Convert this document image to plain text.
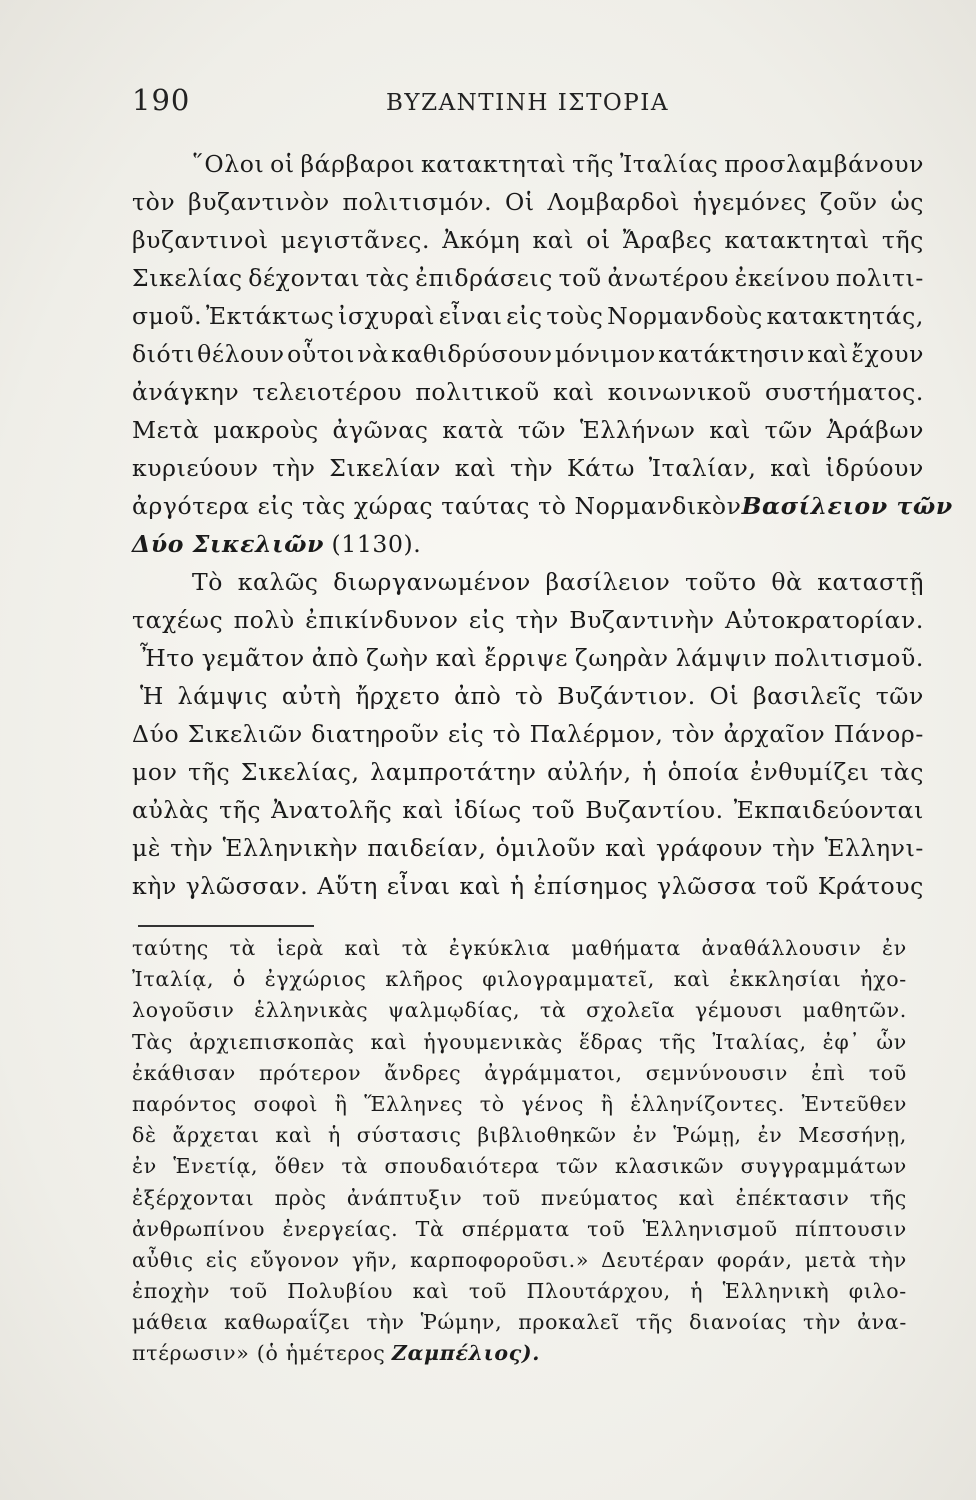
190	ΒΥΖΑΝΤΙΝΗ ΙΣΤΟΡΙΑ
῞Ολοι οἱ βάρβαροι κατακτηταὶ τῆς Ἰταλίας προσλαμβάνουν
τὸν βυζαντινὸν πολιτισμόν. Οἱ Λομβαρδοὶ ἡγεμόνες ζοῦν ὡς
βυζαντινοὶ μεγιστᾶνες. Ἀκόμη καὶ οἱ Ἄραβες κατακτηταὶ τῆς
Σικελίας δέχονται τὰς ἐπιδράσεις τοῦ ἀνωτέρου ἐκείνου πολιτι-
σμοῦ. Ἐκτάκτως ἰσχυραὶ εἶναι εἰς τοὺς Νορμανδοὺς κατακτητάς,
διότι θέλουν οὗτοι νὰ καθιδρύσουν μόνιμον κατάκτησιν καὶ ἔχουν
ἀνάγκην τελειοτέρου πολιτικοῦ καὶ κοινωνικοῦ συστήματος.
Μετὰ μακροὺς ἀγῶνας κατὰ τῶν Ἑλλήνων καὶ τῶν Ἀράβων
κυριεύουν τὴν Σικελίαν καὶ τὴν Κάτω Ἰταλίαν, καὶ ἱδρύουν
ἀργότερα εἰς τὰς χώρας ταύτας τὸ Νορμανδικὸν Βασίλειον τῶν
Δύο Σικελιῶν (1130).
Τὸ καλῶς διωργανωμένον βασίλειον τοῦτο θὰ καταστῇ
ταχέως πολὺ ἐπικίνδυνον εἰς τὴν Βυζαντινὴν Αὐτοκρατορίαν.
Ἦτο γεμᾶτον ἀπὸ ζωὴν καὶ ἔρριψε ζωηρὰν λάμψιν πολιτισμοῦ.
Ἡ λάμψις αὐτὴ ἤρχετο ἀπὸ τὸ Βυζάντιον. Οἱ βασιλεῖς τῶν
Δύο Σικελιῶν διατηροῦν εἰς τὸ Παλέρμον, τὸν ἀρχαῖον Πάνορ-
μον τῆς Σικελίας, λαμπροτάτην αὐλήν, ἡ ὁποία ἐνθυμίζει τὰς
αὐλὰς τῆς Ἀνατολῆς καὶ ἰδίως τοῦ Βυζαντίου. Ἐκπαιδεύονται
μὲ τὴν Ἑλληνικὴν παιδείαν, ὁμιλοῦν καὶ γράφουν τὴν Ἑλληνι-
κὴν γλῶσσαν. Αὕτη εἶναι καὶ ἡ ἐπίσημος γλῶσσα τοῦ Κράτους
ταύτης τὰ ἱερὰ καὶ τὰ ἐγκύκλια μαθήματα ἀναθάλλουσιν ἐν
Ἰταλίᾳ, ὁ ἐγχώριος κλῆρος φιλογραμματεῖ, καὶ ἐκκλησίαι ἠχο-
λογοῦσιν ἑλληνικὰς ψαλμῳδίας, τὰ σχολεῖα γέμουσι μαθητῶν.
Τὰς ἀρχιεπισκοπὰς καὶ ἡγουμενικὰς ἕδρας τῆς Ἰταλίας, ἐφ᾽ ὧν
ἐκάθισαν πρότερον ἄνδρες ἀγράμματοι, σεμνύνουσιν ἐπὶ τοῦ
παρόντος σοφοὶ ἢ Ἕλληνες τὸ γένος ἢ ἑλληνίζοντες. Ἐντεῦθεν
δὲ ἄρχεται καὶ ἡ σύστασις βιβλιοθηκῶν ἐν Ῥώμῃ, ἐν Μεσσήνῃ,
ἐν Ἑνετίᾳ, ὅθεν τὰ σπουδαιότερα τῶν κλασικῶν συγγραμμάτων
ἐξέρχονται πρὸς ἀνάπτυξιν τοῦ πνεύματος καὶ ἐπέκτασιν τῆς
ἀνθρωπίνου ἐνεργείας. Τὰ σπέρματα τοῦ Ἑλληνισμοῦ πίπτουσιν
αὖθις εἰς εὔγονον γῆν, καρποφοροῦσι.» Δευτέραν φοράν, μετὰ τὴν
ἐποχὴν τοῦ Πολυβίου καὶ τοῦ Πλουτάρχου, ἡ Ἑλληνικὴ φιλο-
μάθεια καθωραΐζει τὴν Ῥώμην, προκαλεῖ τῆς διανοίας τὴν ἀνα-
πτέρωσιν» (ὁ ἡμέτερος Ζαμπέλιος).
